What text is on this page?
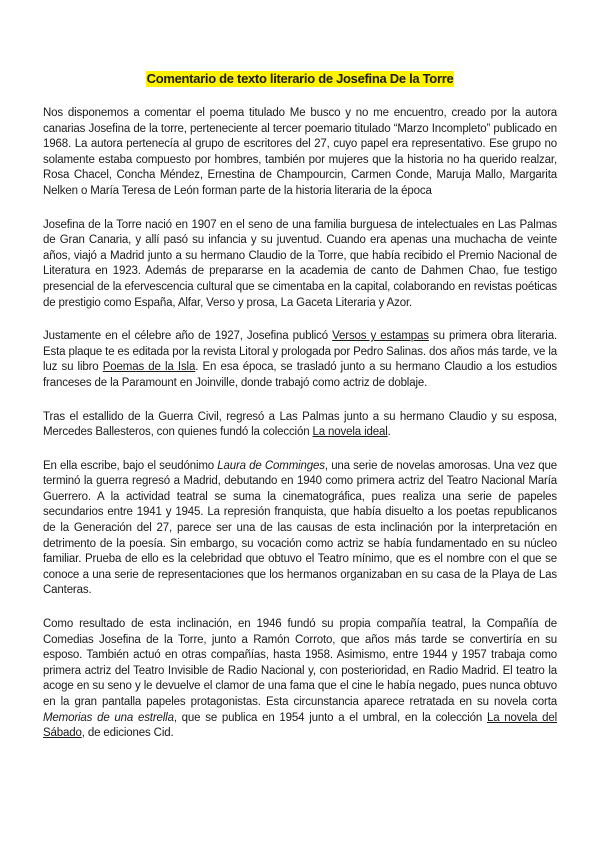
Comentario de texto literario de Josefina De la Torre

Nos disponemos a comentar el poema titulado Me busco y no me encuentro, creado por la autora canarias Josefina de la torre, perteneciente al tercer poemario titulado “Marzo Incompleto” publicado en 1968. La autora pertenecía al grupo de escritores del 27, cuyo papel era representativo. Ese grupo no solamente estaba compuesto por hombres, también por mujeres que la historia no ha querido realzar, Rosa Chacel, Concha Méndez, Ernestina de Champourcin, Carmen Conde, Maruja Mallo, Margarita Nelken o María Teresa de León forman parte de la historia literaria de la época

Josefina de la Torre nació en 1907 en el seno de una familia burguesa de intelectuales en Las Palmas de Gran Canaria, y allí pasó su infancia y su juventud. Cuando era apenas una muchacha de veinte años, viajó a Madrid junto a su hermano Claudio de la Torre, que había recibido el Premio Nacional de Literatura en 1923. Además de prepararse en la academia de canto de Dahmen Chao, fue testigo presencial de la efervescencia cultural que se cimentaba en la capital, colaborando en revistas poéticas de prestigio como España, Alfar, Verso y prosa, La Gaceta Literaria y Azor.

Justamente en el célebre año de 1927, Josefina publicó Versos y estampas su primera obra literaria. Esta plaque te es editada por la revista Litoral y prologada por Pedro Salinas. dos años más tarde, ve la luz su libro Poemas de la Isla. En esa época, se trasladó junto a su hermano Claudio a los estudios franceses de la Paramount en Joinville, donde trabajó como actriz de doblaje.

Tras el estallido de la Guerra Civil, regresó a Las Palmas junto a su hermano Claudio y su esposa, Mercedes Ballesteros, con quienes fundó la colección La novela ideal.

En ella escribe, bajo el seudónimo Laura de Comminges, una serie de novelas amorosas. Una vez que terminó la guerra regresó a Madrid, debutando en 1940 como primera actriz del Teatro Nacional María Guerrero. A la actividad teatral se suma la cinematográfica, pues realiza una serie de papeles secundarios entre 1941 y 1945. La represión franquista, que había disuelto a los poetas republicanos de la Generación del 27, parece ser una de las causas de esta inclinación por la interpretación en detrimento de la poesía. Sin embargo, su vocación como actriz se había fundamentado en su núcleo familiar. Prueba de ello es la celebridad que obtuvo el Teatro mínimo, que es el nombre con el que se conoce a una serie de representaciones que los hermanos organizaban en su casa de la Playa de Las Canteras.

Como resultado de esta inclinación, en 1946 fundó su propia compañía teatral, la Compañía de Comedias Josefina de la Torre, junto a Ramón Corroto, que años más tarde se convertiría en su esposo. También actuó en otras compañías, hasta 1958. Asimismo, entre 1944 y 1957 trabaja como primera actriz del Teatro Invisible de Radio Nacional y, con posterioridad, en Radio Madrid. El teatro la acoge en su seno y le devuelve el clamor de una fama que el cine le había negado, pues nunca obtuvo en la gran pantalla papeles protagonistas. Esta circunstancia aparece retratada en su novela corta Memorias de una estrella, que se publica en 1954 junto a el umbral, en la colección La novela del Sábado, de ediciones Cid.
